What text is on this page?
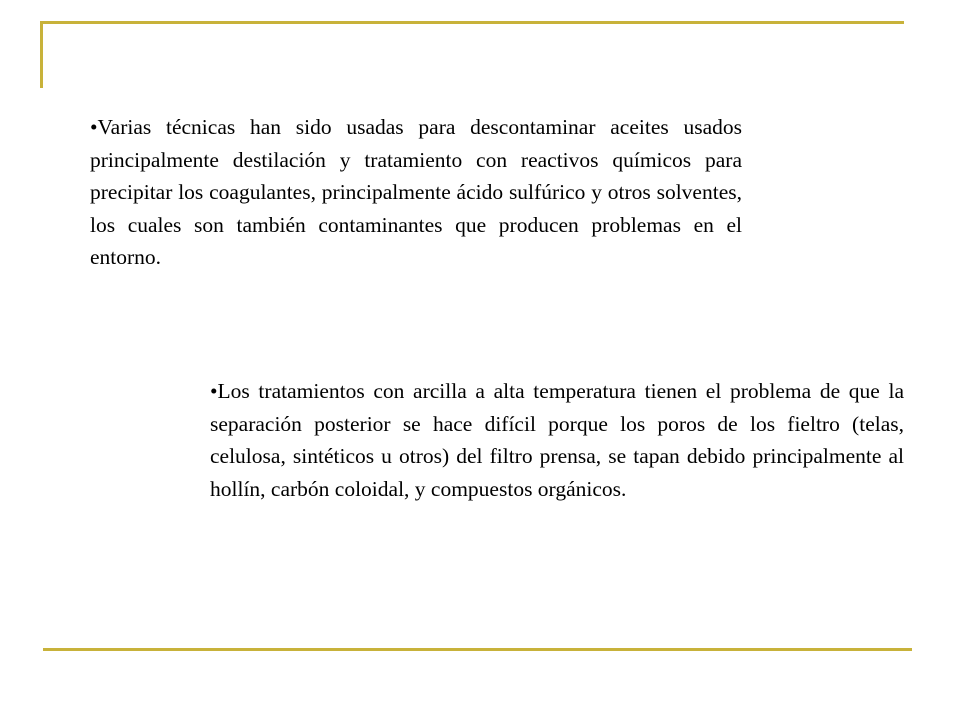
•Varias técnicas han sido usadas para descontaminar aceites usados principalmente destilación y tratamiento con reactivos químicos para precipitar los coagulantes, principalmente ácido sulfúrico y otros solventes, los cuales son también contaminantes que producen problemas en el entorno.

•Los tratamientos con arcilla a alta temperatura tienen el problema de que la separación posterior se hace difícil porque los poros de los fieltro (telas, celulosa, sintéticos u otros) del filtro prensa, se tapan debido principalmente al hollín, carbón coloidal, y compuestos orgánicos.
